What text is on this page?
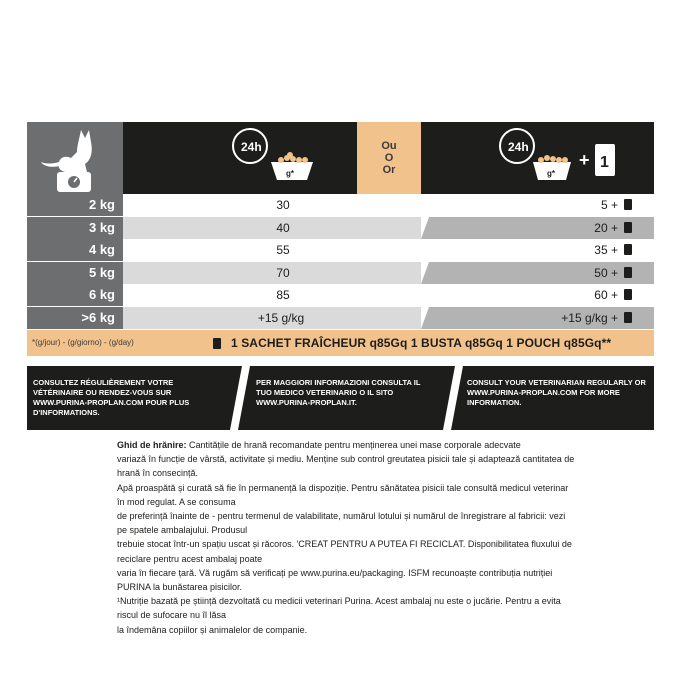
24h
g*
Ou
O
Or
24h
g*
+ 1
2 kg	30	5 +
3 kg	40	20 +
4 kg	55	35 +
5 kg	70	50 +
6 kg	85	60 +
>6 kg	+15 g/kg	+15 g/kg +
*(g/jour) - (g/giorno) - (g/day)	1 SACHET FRAÎCHEUR q85Gq 1 BUSTA q85Gq 1 POUCH q85Gq**
CONSULTEZ RÉGULIÈREMENT VOTRE
VÉTÉRINAIRE OU RENDEZ-VOUS SUR
WWW.PURINA-PROPLAN.COM POUR PLUS
D'INFORMATIONS.
PER MAGGIORI INFORMAZIONI CONSULTA IL
TUO MEDICO VETERINARIO O IL SITO
WWW.PURINA-PROPLAN.IT.
CONSULT YOUR VETERINARIAN REGULARLY OR
WWW.PURINA-PROPLAN.COM FOR MORE
INFORMATION.
Ghid de hrănire: Cantitățile de hrană recomandate pentru menținerea unei mase corporale adecvate
variază în funcție de vârstă, activitate și mediu. Menține sub control greutatea pisicii tale și adaptează cantitatea de hrană în consecință.
Apă proaspătă și curată să fie în permanență la dispoziție. Pentru sănătatea pisicii tale consultă medicul veterinar în mod regulat. A se consuma
de preferință înainte de - pentru termenul de valabilitate, numărul lotului și numărul de înregistrare al fabricii: vezi pe spatele ambalajului. Produsul
trebuie stocat într-un spațiu uscat și răcoros. 'CREAT PENTRU A PUTEA FI RECICLAT. Disponibilitatea fluxului de reciclare pentru acest ambalaj poate
varia în fiecare țară. Vă rugăm să verificați pe www.purina.eu/packaging. ISFM recunoaște contribuția nutriției PURINA la bunăstarea pisicilor.
¹Nutriție bazată pe știință dezvoltată cu medicii veterinari Purina. Acest ambalaj nu este o jucărie. Pentru a evita riscul de sufocare nu îl lăsa
la îndemâna copiilor și animalelor de companie.
